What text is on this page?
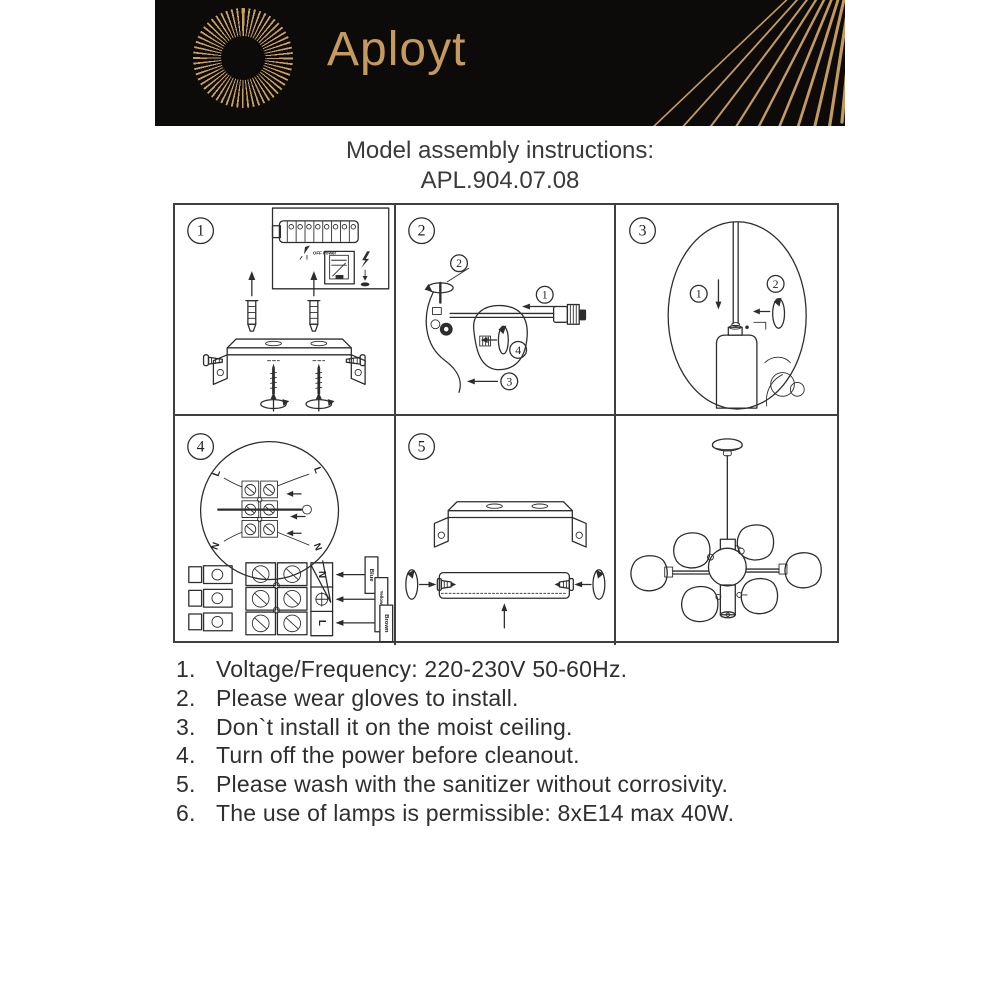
Aployt
Model assembly instructions:
APL.904.07.08
1
OFF Power
2
2
1
4
3
3
1
2
4
L	L
N	N
N
L
Blue
Brown
5
1. Voltage/Frequency: 220-230V 50-60Hz.
2. Please wear gloves to install.
3. Don`t install it on the moist ceiling.
4. Turn off the power before cleanout.
5. Please wash with the sanitizer without corrosivity.
6. The use of lamps is permissible: 8xE14 max 40W.
